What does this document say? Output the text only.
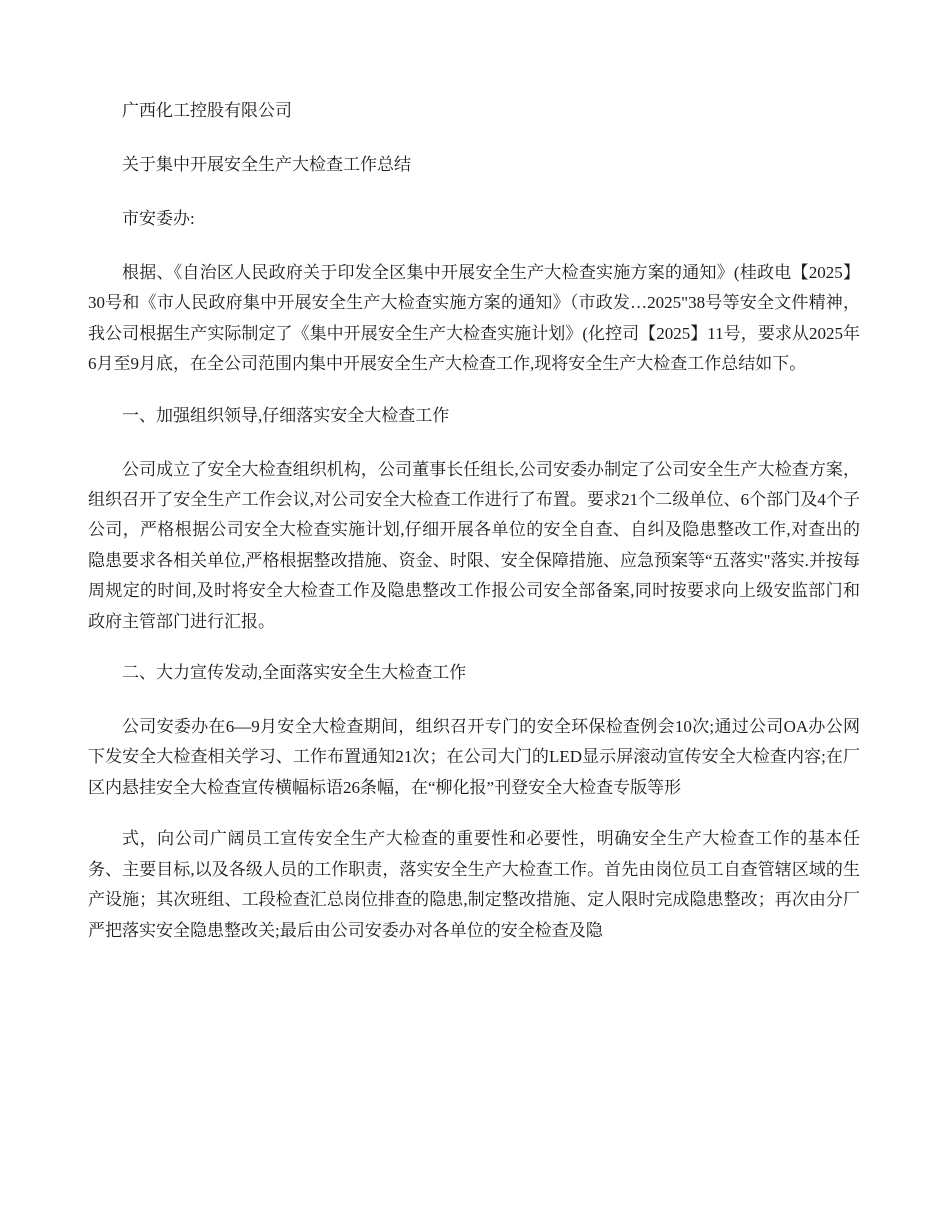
广西化工控股有限公司

关于集中开展安全生产大检查工作总结

市安委办:

根据、《自治区人民政府关于印发全区集中开展安全生产大检查实施方案的通知》(桂政电【2025】30号和《市人民政府集中开展安全生产大检查实施方案的通知》（市政发…2025"38号等安全文件精神，我公司根据生产实际制定了《集中开展安全生产大检查实施计划》(化控司【2025】11号，要求从2025年6月至9月底，在全公司范围内集中开展安全生产大检查工作,现将安全生产大检查工作总结如下。

一、加强组织领导,仔细落实安全大检查工作

公司成立了安全大检查组织机构，公司董事长任组长,公司安委办制定了公司安全生产大检查方案，组织召开了安全生产工作会议,对公司安全大检查工作进行了布置。要求21个二级单位、6个部门及4个子公司，严格根据公司安全大检查实施计划,仔细开展各单位的安全自查、自纠及隐患整改工作,对查出的隐患要求各相关单位,严格根据整改措施、资金、时限、安全保障措施、应急预案等“五落实"落实.并按每周规定的时间,及时将安全大检查工作及隐患整改工作报公司安全部备案,同时按要求向上级安监部门和政府主管部门进行汇报。

二、大力宣传发动,全面落实安全生大检查工作

公司安委办在6—9月安全大检查期间，组织召开专门的安全环保检查例会10次;通过公司OA办公网下发安全大检查相关学习、工作布置通知21次；在公司大门的LED显示屏滚动宣传安全大检查内容;在厂区内悬挂安全大检查宣传横幅标语26条幅，在“柳化报”刊登安全大检查专版等形

式，向公司广阔员工宣传安全生产大检查的重要性和必要性，明确安全生产大检查工作的基本任务、主要目标,以及各级人员的工作职责，落实安全生产大检查工作。首先由岗位员工自查管辖区域的生产设施；其次班组、工段检查汇总岗位排查的隐患,制定整改措施、定人限时完成隐患整改；再次由分厂严把落实安全隐患整改关;最后由公司安委办对各单位的安全检查及隐
